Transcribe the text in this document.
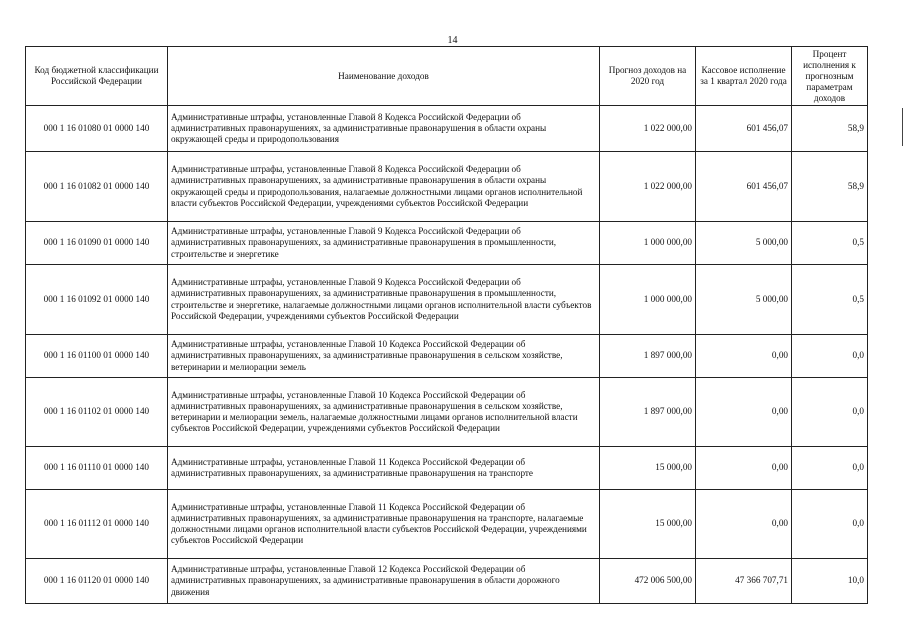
14
Код бюджетной классификации Российской Федерации	Наименование доходов	Прогноз доходов на 2020 год	Кассовое исполнение за 1 квартал 2020 года	Процент исполнения к прогнозным параметрам доходов
000 1 16 01080 01 0000 140	Административные штрафы, установленные Главой 8 Кодекса Российской Федерации об административных правонарушениях, за административные правонарушения в области охраны окружающей среды и природопользования	1 022 000,00	601 456,07	58,9
000 1 16 01082 01 0000 140	Административные штрафы, установленные Главой 8 Кодекса Российской Федерации об административных правонарушениях, за административные правонарушения в области охраны окружающей среды и природопользования, налагаемые должностными лицами органов исполнительной власти субъектов Российской Федерации, учреждениями субъектов Российской Федерации	1 022 000,00	601 456,07	58,9
000 1 16 01090 01 0000 140	Административные штрафы, установленные Главой 9 Кодекса Российской Федерации об административных правонарушениях, за административные правонарушения в промышленности, строительстве и энергетике	1 000 000,00	5 000,00	0,5
000 1 16 01092 01 0000 140	Административные штрафы, установленные Главой 9 Кодекса Российской Федерации об административных правонарушениях, за административные правонарушения в промышленности, строительстве и энергетике, налагаемые должностными лицами органов исполнительной власти субъектов Российской Федерации, учреждениями субъектов Российской Федерации	1 000 000,00	5 000,00	0,5
000 1 16 01100 01 0000 140	Административные штрафы, установленные Главой 10 Кодекса Российской Федерации об административных правонарушениях, за административные правонарушения в сельском хозяйстве, ветеринарии и мелиорации земель	1 897 000,00	0,00	0,0
000 1 16 01102 01 0000 140	Административные штрафы, установленные Главой 10 Кодекса Российской Федерации об административных правонарушениях, за административные правонарушения в сельском хозяйстве, ветеринарии и мелиорации земель, налагаемые должностными лицами органов исполнительной власти субъектов Российской Федерации, учреждениями субъектов Российской Федерации	1 897 000,00	0,00	0,0
000 1 16 01110 01 0000 140	Административные штрафы, установленные Главой 11 Кодекса Российской Федерации об административных правонарушениях, за административные правонарушения на транспорте	15 000,00	0,00	0,0
000 1 16 01112 01 0000 140	Административные штрафы, установленные Главой 11 Кодекса Российской Федерации об административных правонарушениях, за административные правонарушения на транспорте, налагаемые должностными лицами органов исполнительной власти субъектов Российской Федерации, учреждениями субъектов Российской Федерации	15 000,00	0,00	0,0
000 1 16 01120 01 0000 140	Административные штрафы, установленные Главой 12 Кодекса Российской Федерации об административных правонарушениях, за административные правонарушения в области дорожного движения	472 006 500,00	47 366 707,71	10,0
